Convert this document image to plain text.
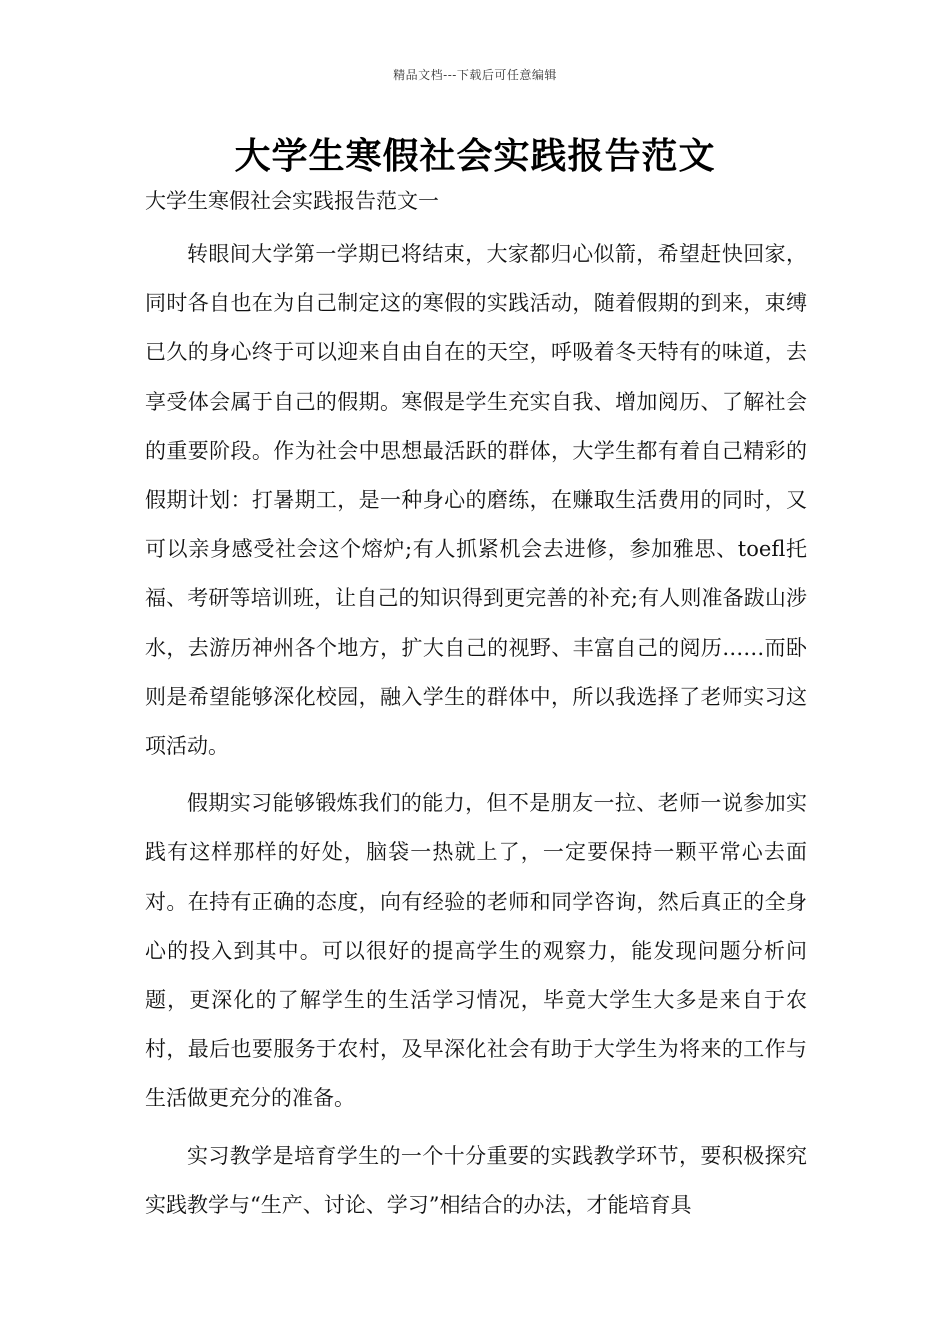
精品文档---下载后可任意编辑
大学生寒假社会实践报告范文
大学生寒假社会实践报告范文一

转眼间大学第一学期已将结束，大家都归心似箭，希望赶快回家，同时各自也在为自己制定这的寒假的实践活动，随着假期的到来，束缚已久的身心终于可以迎来自由自在的天空，呼吸着冬天特有的味道，去享受体会属于自己的假期。寒假是学生充实自我、增加阅历、了解社会的重要阶段。作为社会中思想最活跃的群体，大学生都有着自己精彩的假期计划：打暑期工，是一种身心的磨练，在赚取生活费用的同时，又可以亲身感受社会这个熔炉;有人抓紧机会去进修，参加雅思、toefl托福、考研等培训班，让自己的知识得到更完善的补充;有人则准备跋山涉水，去游历神州各个地方，扩大自己的视野、丰富自己的阅历……而卧则是希望能够深化校园，融入学生的群体中，所以我选择了老师实习这项活动。

假期实习能够锻炼我们的能力，但不是朋友一拉、老师一说参加实践有这样那样的好处，脑袋一热就上了，一定要保持一颗平常心去面对。在持有正确的态度，向有经验的老师和同学咨询，然后真正的全身心的投入到其中。可以很好的提高学生的观察力，能发现问题分析问题，更深化的了解学生的生活学习情况，毕竟大学生大多是来自于农村，最后也要服务于农村，及早深化社会有助于大学生为将来的工作与生活做更充分的准备。

实习教学是培育学生的一个十分重要的实践教学环节，要积极探究实践教学与“生产、讨论、学习”相结合的办法，才能培育具
